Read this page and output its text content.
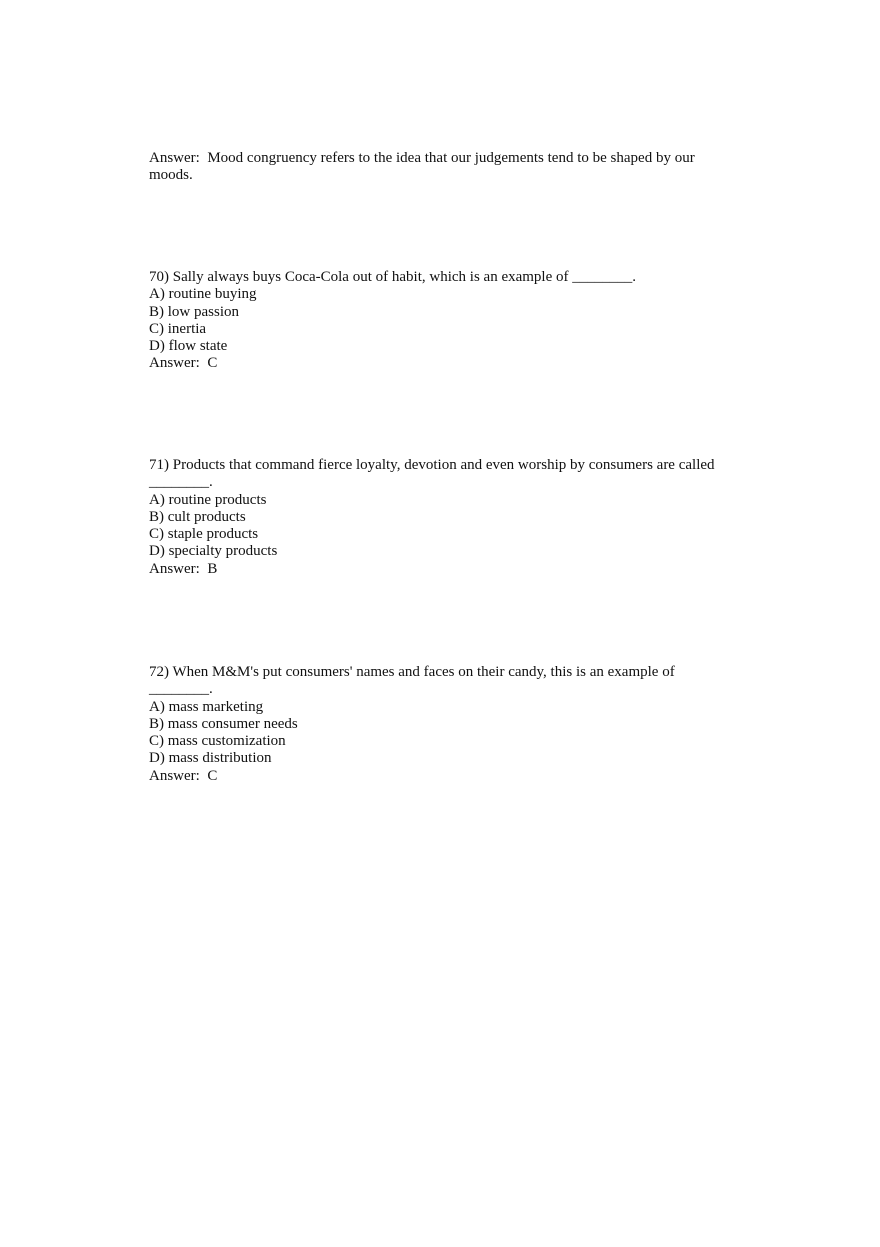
Answer:  Mood congruency refers to the idea that our judgements tend to be shaped by our
moods.
70) Sally always buys Coca-Cola out of habit, which is an example of ________.
A) routine buying
B) low passion
C) inertia
D) flow state
Answer:  C
71) Products that command fierce loyalty, devotion and even worship by consumers are called
________.
A) routine products
B) cult products
C) staple products
D) specialty products
Answer:  B
72) When M&M's put consumers' names and faces on their candy, this is an example of
________.
A) mass marketing
B) mass consumer needs
C) mass customization
D) mass distribution
Answer:  C
